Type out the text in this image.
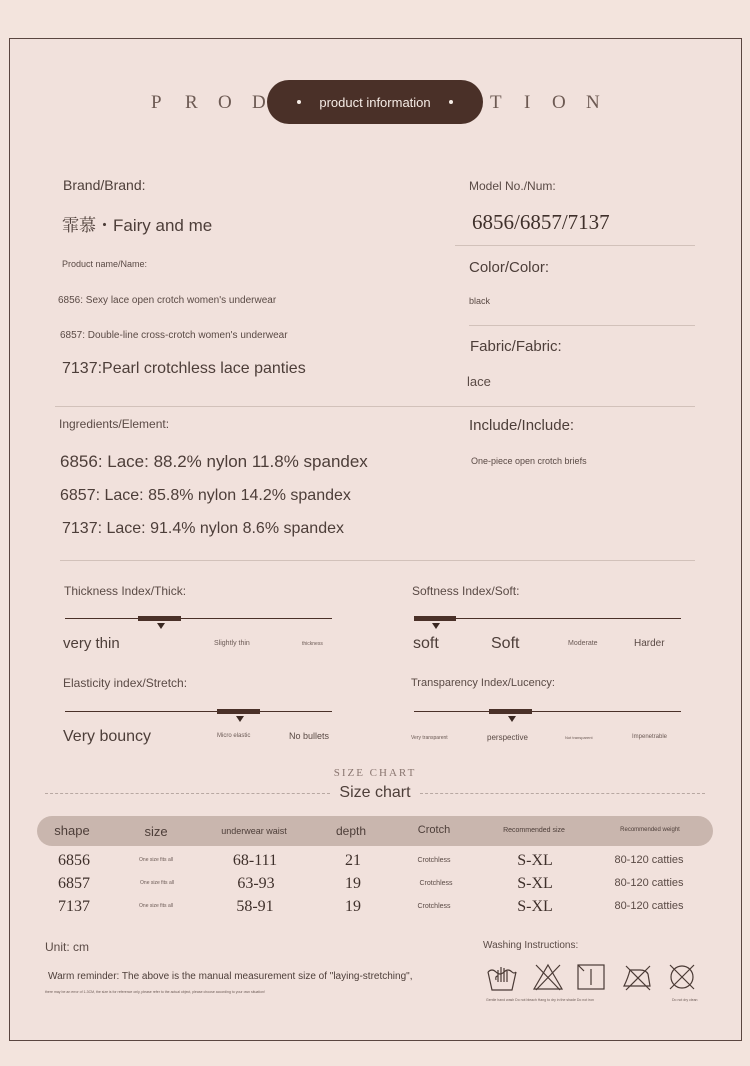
P R O D	product information	T I O N
Brand/Brand:
霏慕・Fairy and me
Model No./Num:
6856/6857/7137
Product name/Name:
6856: Sexy lace open crotch women's underwear
6857: Double-line cross-crotch women's underwear
7137:Pearl crotchless lace panties
Color/Color:
black
Fabric/Fabric:
lace
Ingredients/Element:
6856: Lace: 88.2% nylon 11.8% spandex
6857: Lace: 85.8% nylon 14.2% spandex
7137: Lace: 91.4% nylon 8.6% spandex
Include/Include:
One-piece open crotch briefs
Thickness Index/Thick:
very thin	Slightly thin	thickness
Softness Index/Soft:
soft	Soft	Moderate	Harder
Elasticity index/Stretch:
Very bouncy	Micro elastic	No bullets
Transparency Index/Lucency:
Very transparent	perspective	Not transparent	Impenetrable
SIZE CHART
Size chart
shape	size	underwear waist	depth	Crotch	Recommended size	Recommended weight
6856	One size fits all	68-111	21	Crotchless	S-XL	80-120 catties
6857	One size fits all	63-93	19	Crotchless	S-XL	80-120 catties
7137	One size fits all	58-91	19	Crotchless	S-XL	80-120 catties
Unit: cm
Warm reminder: The above is the manual measurement size of "laying-stretching",
there may be an error of 1-3CM, the size is for reference only, please refer to the actual object, please choose according to your own situation!
Washing Instructions:
Gentle hand wash Do not bleach Hang to dry in the shade Do not iron	Do not dry clean
